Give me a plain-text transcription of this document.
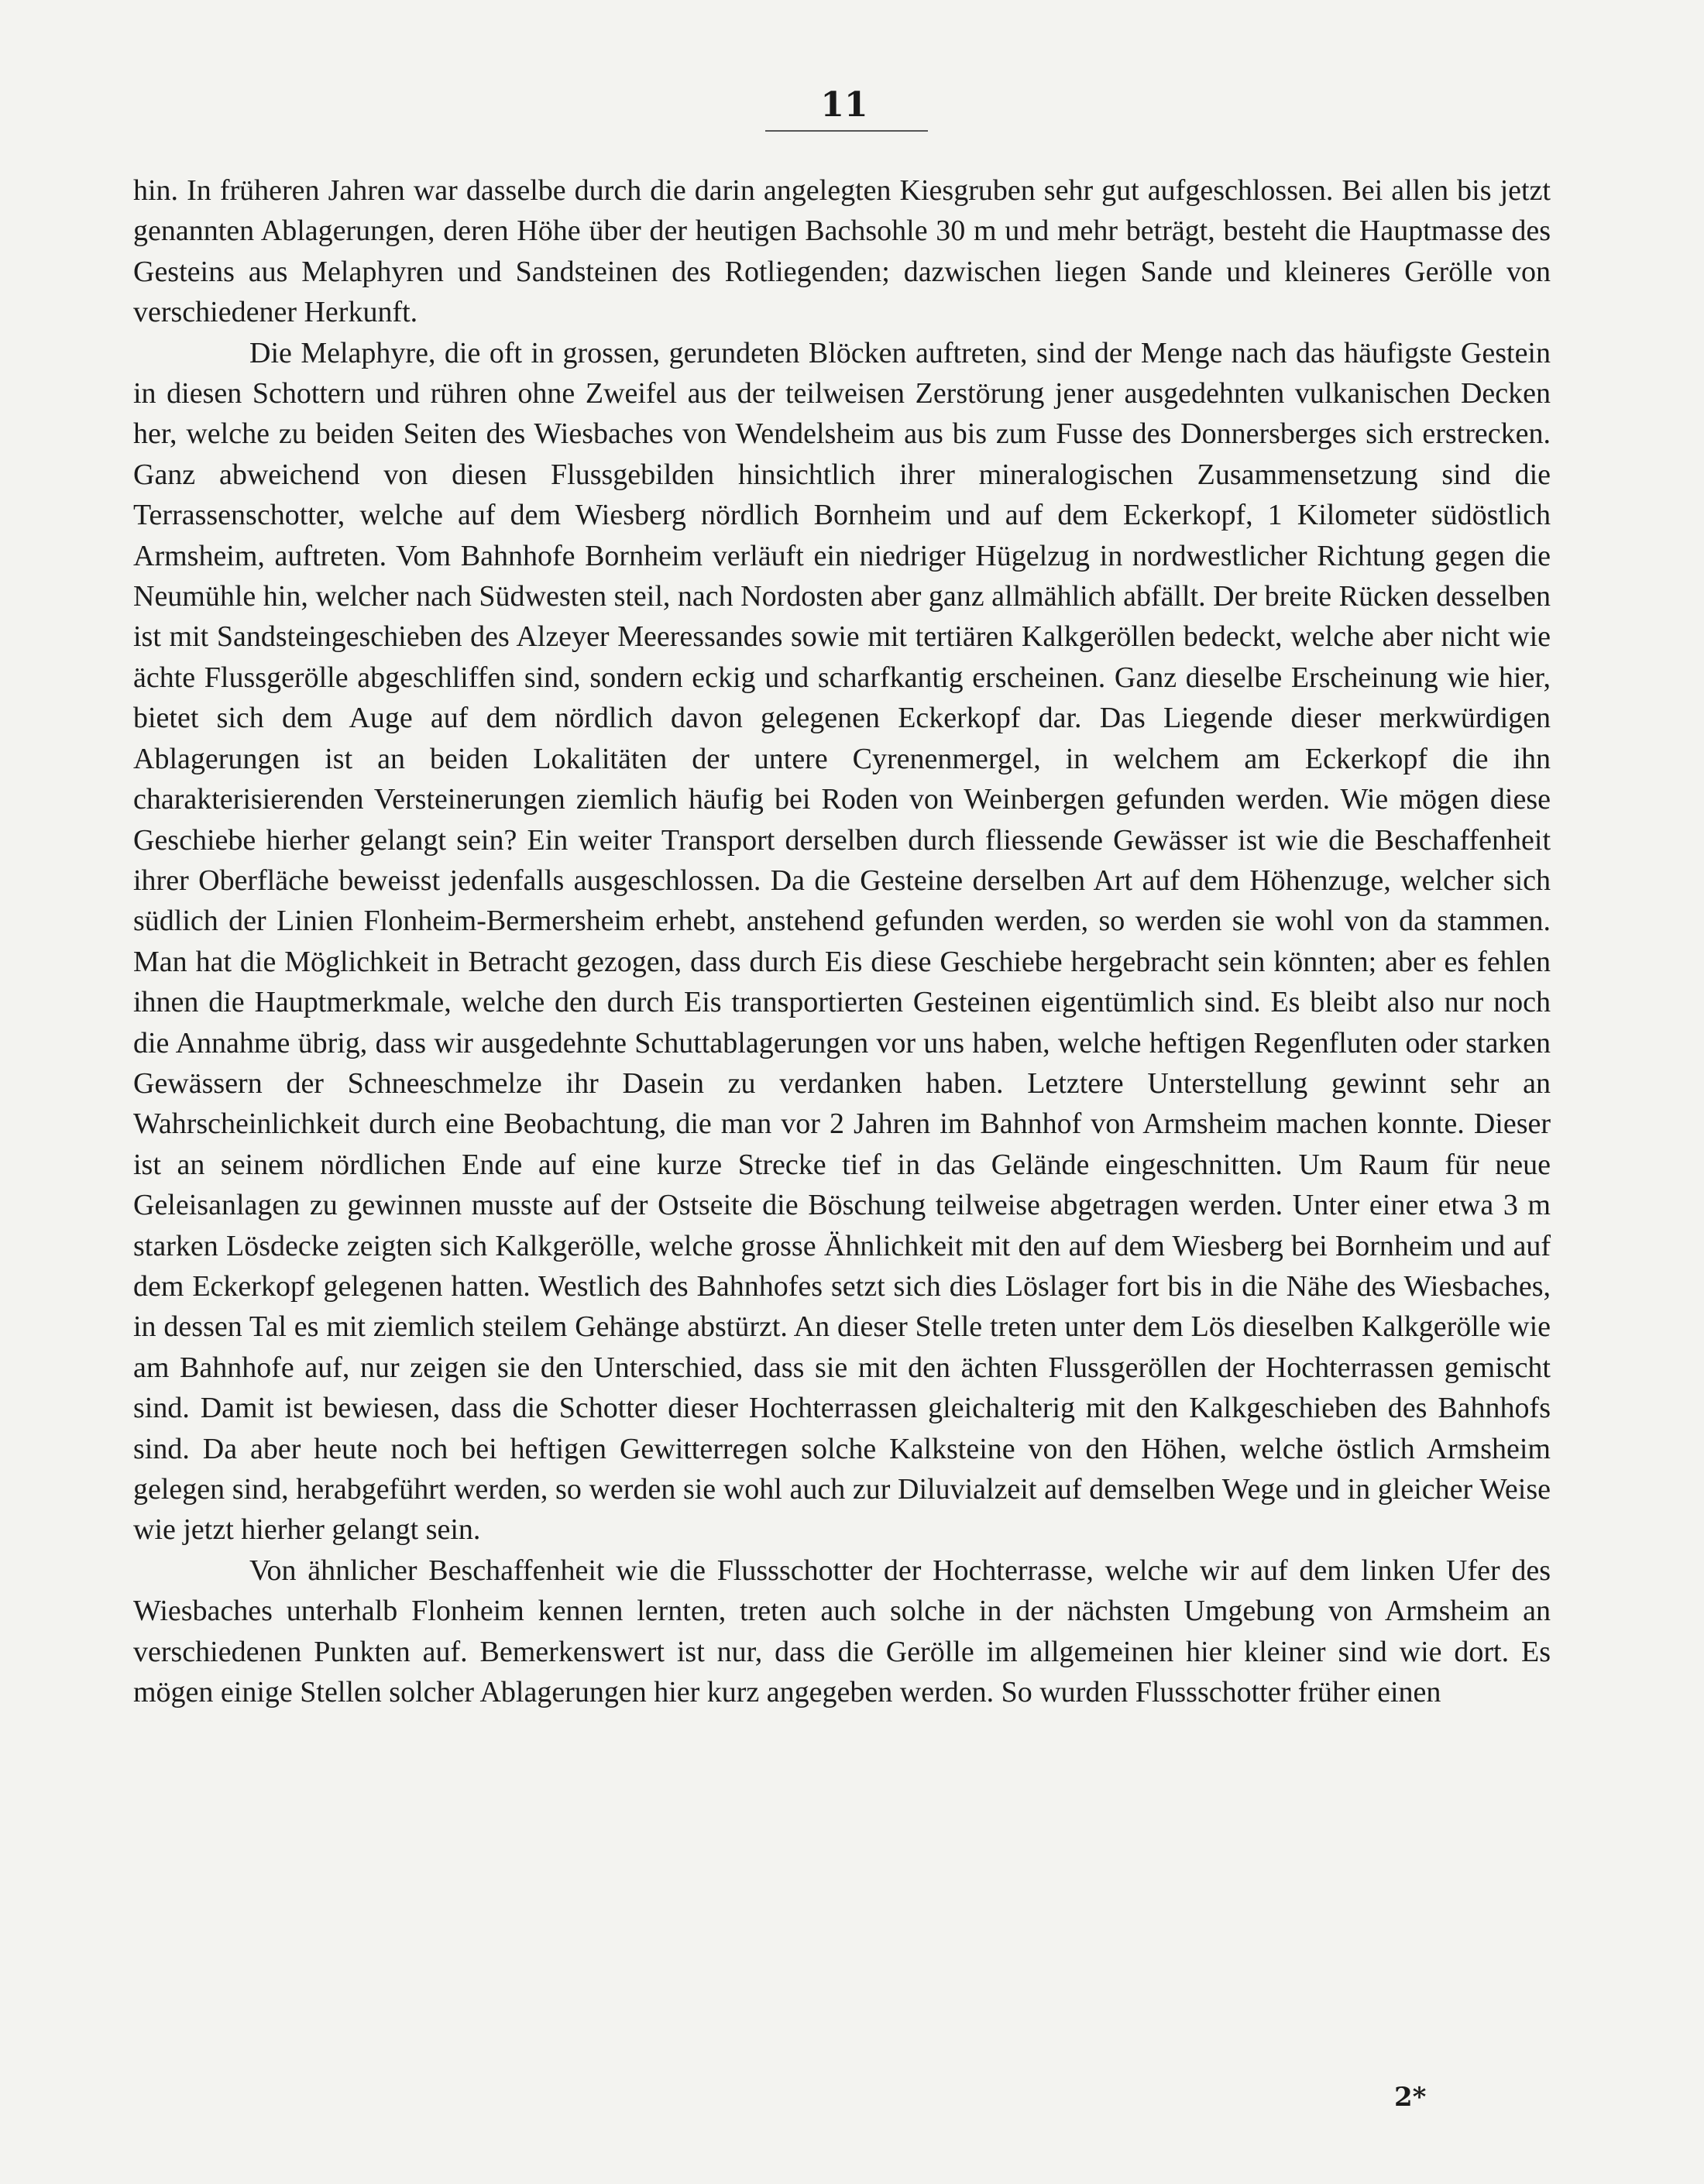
11

hin. In früheren Jahren war dasselbe durch die darin angelegten Kiesgruben sehr gut aufgeschlossen. Bei allen bis jetzt genannten Ablagerungen, deren Höhe über der heutigen Bachsohle 30 m und mehr beträgt, besteht die Hauptmasse des Gesteins aus Melaphyren und Sandsteinen des Rotliegenden; dazwischen liegen Sande und kleineres Gerölle von verschiedener Herkunft.

Die Melaphyre, die oft in grossen, gerundeten Blöcken auftreten, sind der Menge nach das häufigste Gestein in diesen Schottern und rühren ohne Zweifel aus der teilweisen Zerstörung jener ausgedehnten vulkanischen Decken her, welche zu beiden Seiten des Wiesbaches von Wendelsheim aus bis zum Fusse des Donnersberges sich erstrecken. Ganz abweichend von diesen Flussgebilden hinsichtlich ihrer mineralogischen Zusammensetzung sind die Terrassenschotter, welche auf dem Wiesberg nördlich Bornheim und auf dem Eckerkopf, 1 Kilometer südöstlich Armsheim, auftreten. Vom Bahnhofe Bornheim verläuft ein niedriger Hügelzug in nordwestlicher Richtung gegen die Neumühle hin, welcher nach Südwesten steil, nach Nordosten aber ganz allmählich abfällt. Der breite Rücken desselben ist mit Sandsteingeschieben des Alzeyer Meeressandes sowie mit tertiären Kalkgeröllen bedeckt, welche aber nicht wie ächte Flussgerölle abgeschliffen sind, sondern eckig und scharfkantig erscheinen. Ganz dieselbe Erscheinung wie hier, bietet sich dem Auge auf dem nördlich davon gelegenen Eckerkopf dar. Das Liegende dieser merkwürdigen Ablagerungen ist an beiden Lokalitäten der untere Cyrenenmergel, in welchem am Eckerkopf die ihn charakterisierenden Versteinerungen ziemlich häufig bei Roden von Weinbergen gefunden werden. Wie mögen diese Geschiebe hierher gelangt sein? Ein weiter Transport derselben durch fliessende Gewässer ist wie die Beschaffenheit ihrer Oberfläche beweisst jedenfalls ausgeschlossen. Da die Gesteine derselben Art auf dem Höhenzuge, welcher sich südlich der Linien Flonheim-Bermersheim erhebt, anstehend gefunden werden, so werden sie wohl von da stammen. Man hat die Möglichkeit in Betracht gezogen, dass durch Eis diese Geschiebe hergebracht sein könnten; aber es fehlen ihnen die Hauptmerkmale, welche den durch Eis transportierten Gesteinen eigentümlich sind. Es bleibt also nur noch die Annahme übrig, dass wir ausgedehnte Schuttablagerungen vor uns haben, welche heftigen Regenfluten oder starken Gewässern der Schneeschmelze ihr Dasein zu verdanken haben. Letztere Unterstellung gewinnt sehr an Wahrscheinlichkeit durch eine Beobachtung, die man vor 2 Jahren im Bahnhof von Armsheim machen konnte. Dieser ist an seinem nördlichen Ende auf eine kurze Strecke tief in das Gelände eingeschnitten. Um Raum für neue Geleisanlagen zu gewinnen musste auf der Ostseite die Böschung teilweise abgetragen werden. Unter einer etwa 3 m starken Lösdecke zeigten sich Kalkgerölle, welche grosse Ähnlichkeit mit den auf dem Wiesberg bei Bornheim und auf dem Eckerkopf gelegenen hatten. Westlich des Bahnhofes setzt sich dies Löslager fort bis in die Nähe des Wiesbaches, in dessen Tal es mit ziemlich steilem Gehänge abstürzt. An dieser Stelle treten unter dem Lös dieselben Kalkgerölle wie am Bahnhofe auf, nur zeigen sie den Unterschied, dass sie mit den ächten Flussgeröllen der Hochterrassen gemischt sind. Damit ist bewiesen, dass die Schotter dieser Hochterrassen gleichalterig mit den Kalkgeschieben des Bahnhofs sind. Da aber heute noch bei heftigen Gewitterregen solche Kalksteine von den Höhen, welche östlich Armsheim gelegen sind, herabgeführt werden, so werden sie wohl auch zur Diluvialzeit auf demselben Wege und in gleicher Weise wie jetzt hierher gelangt sein.

Von ähnlicher Beschaffenheit wie die Flussschotter der Hochterrasse, welche wir auf dem linken Ufer des Wiesbaches unterhalb Flonheim kennen lernten, treten auch solche in der nächsten Umgebung von Armsheim an verschiedenen Punkten auf. Bemerkenswert ist nur, dass die Gerölle im allgemeinen hier kleiner sind wie dort. Es mögen einige Stellen solcher Ablagerungen hier kurz angegeben werden. So wurden Flussschotter früher einen

2*
